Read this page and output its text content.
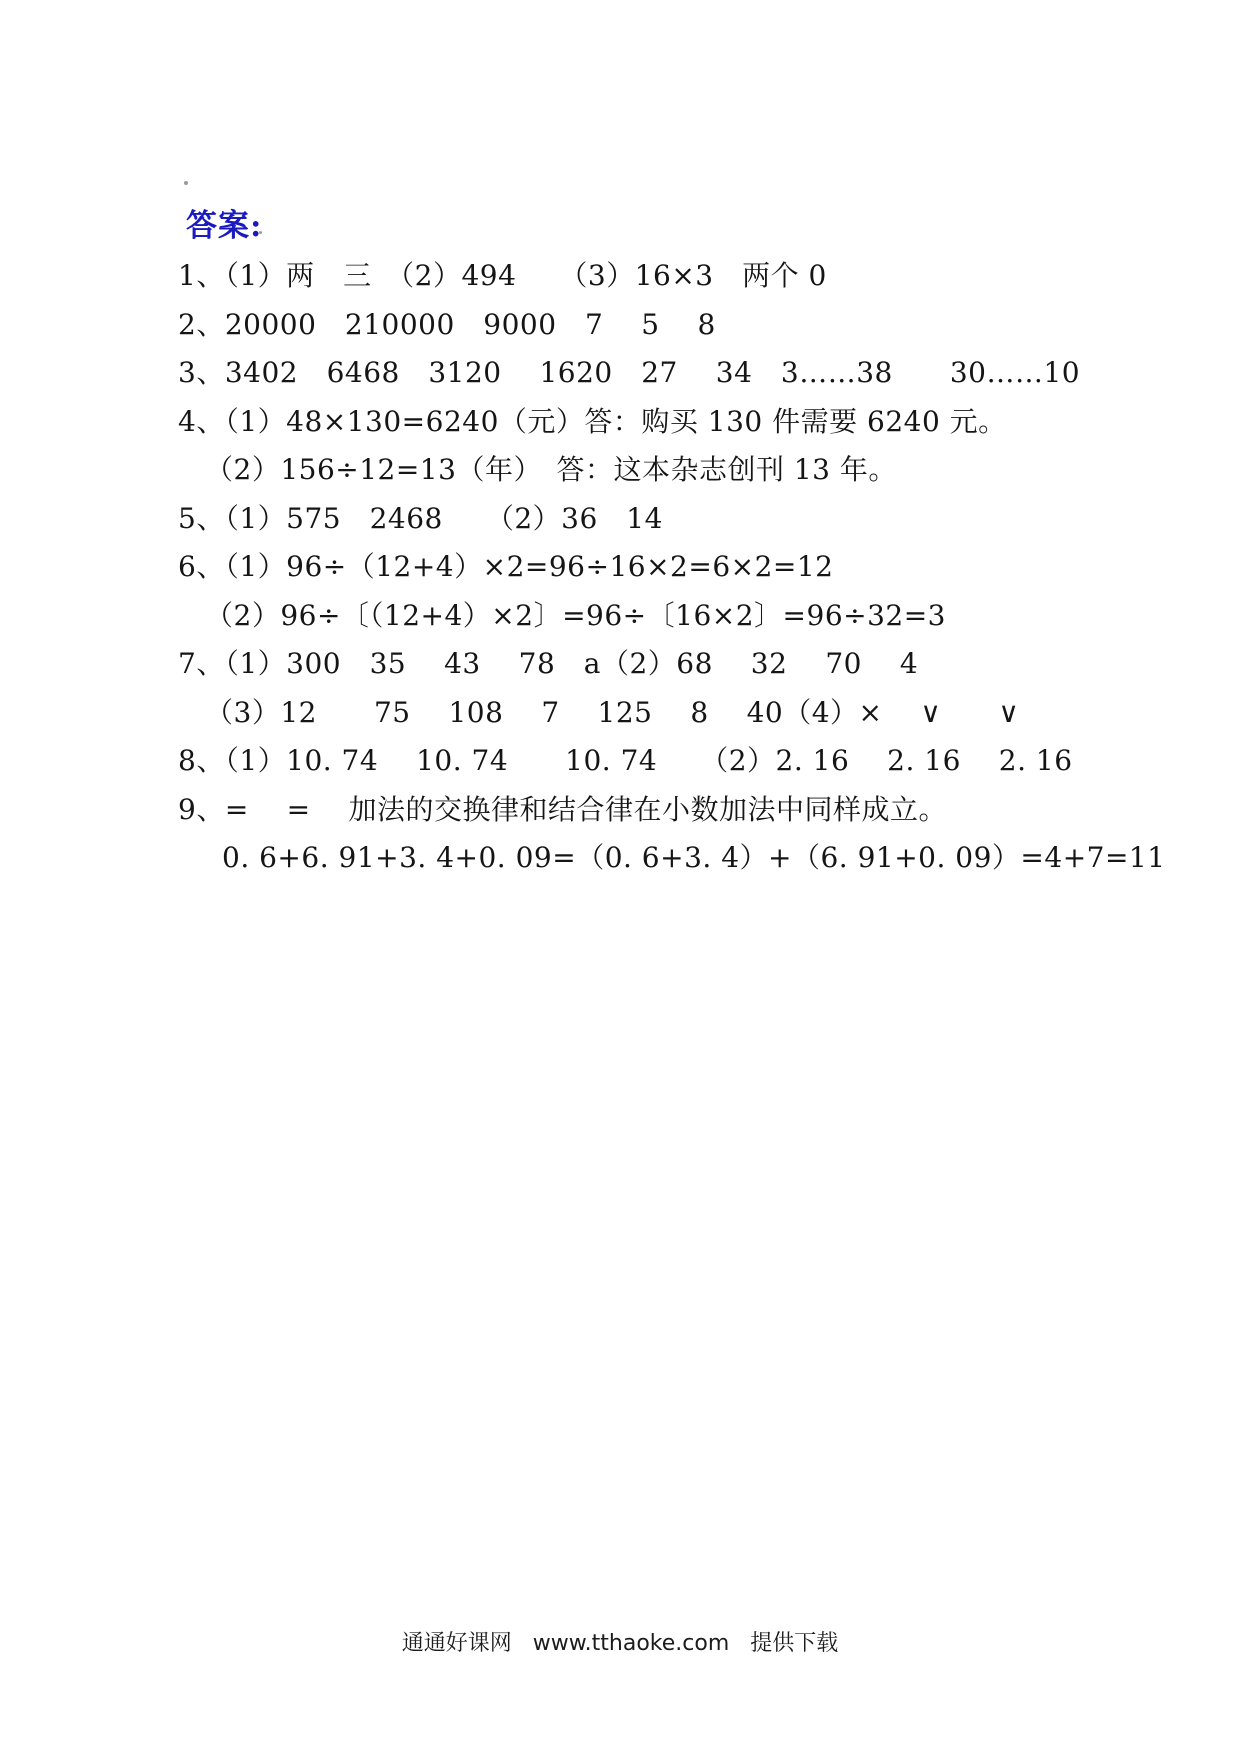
答案:
1、（1）两　三　（2）494　　（3）16×3　两个 0
2、20000　210000　9000　7　 5　 8
3、3402　6468　3120　 1620　27　 34　3……38　　30……10
4、（1）48×130=6240（元）答：购买 130 件需要 6240 元。
（2）156÷12=13（年）　答：这本杂志创刊 13 年。
5、（1）575　2468　　（2）36　14
6、（1）96÷（12+4）×2=96÷16×2=6×2=12
（2）96÷〔（12+4）×2〕=96÷〔16×2〕=96÷32=3
7、（1）300　35　 43　 78　a（2）68　 32　 70　 4
（3）12　　75　 108　 7　 125　 8　 40（4）×　 ∨　　∨
8、（1）10. 74　 10. 74　　10. 74　　（2）2. 16　 2. 16　 2. 16
9、=　 =　 加法的交换律和结合律在小数加法中同样成立。
0. 6+6. 91+3. 4+0. 09=（0. 6+3. 4）+（6. 91+0. 09）=4+7=11
通通好课网 www.tthaoke.com 提供下载
